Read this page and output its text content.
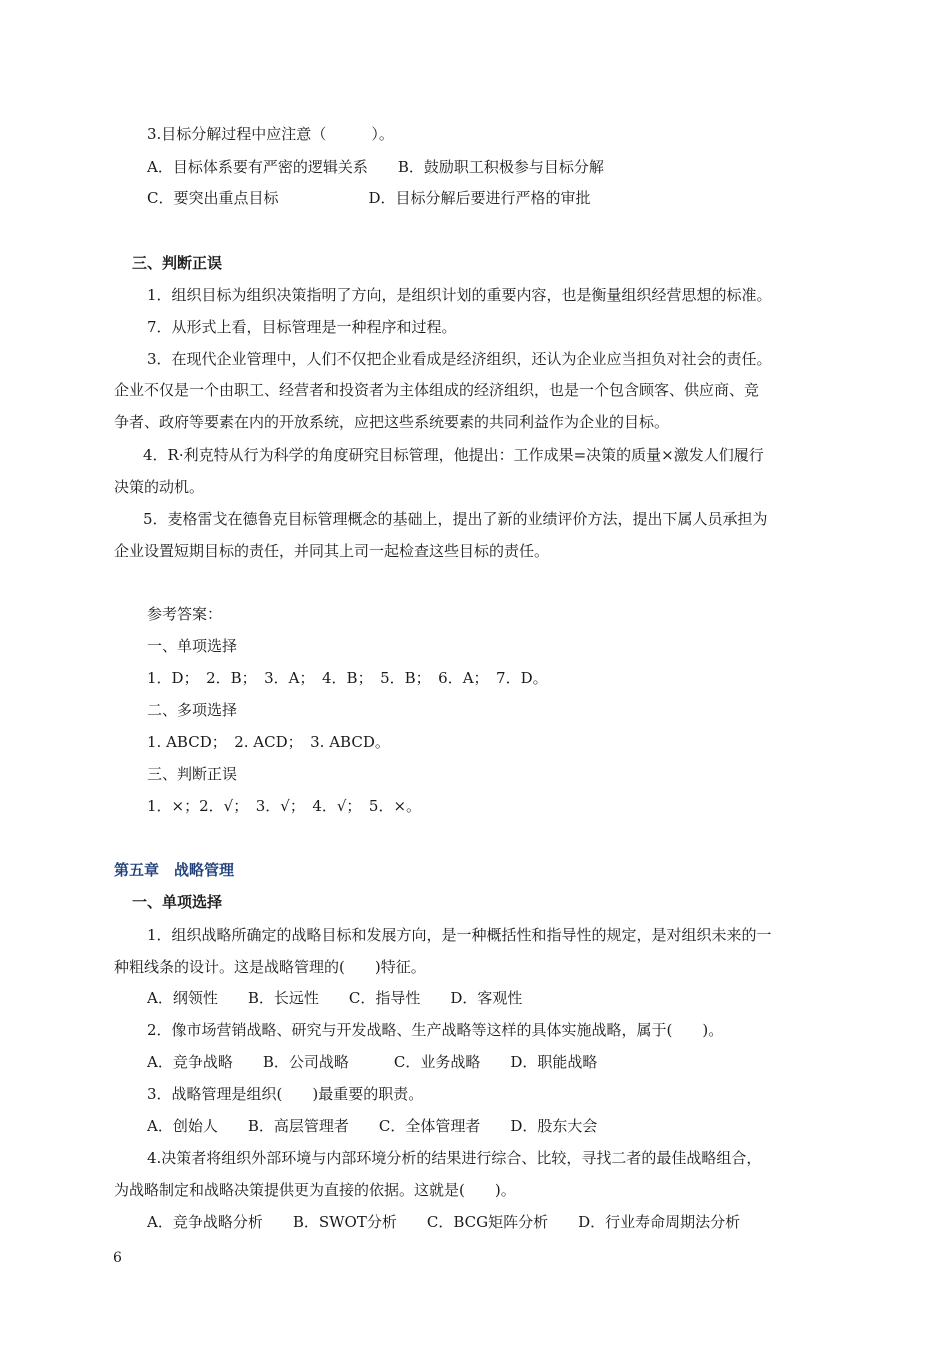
3.目标分解过程中应注意（　　　）。
A．目标体系要有严密的逻辑关系　　B．鼓励职工积极参与目标分解
C．要突出重点目标　　　　　　D．目标分解后要进行严格的审批
三、判断正误
1．组织目标为组织决策指明了方向，是组织计划的重要内容，也是衡量组织经营思想的标准。
7．从形式上看，目标管理是一种程序和过程。
3．在现代企业管理中，人们不仅把企业看成是经济组织，还认为企业应当担负对社会的责任。
企业不仅是一个由职工、经营者和投资者为主体组成的经济组织，也是一个包含顾客、供应商、竞
争者、政府等要素在内的开放系统，应把这些系统要素的共同利益作为企业的目标。
4．R·利克特从行为科学的角度研究目标管理，他提出：工作成果=决策的质量×激发人们履行
决策的动机。
5．麦格雷戈在德鲁克目标管理概念的基础上，提出了新的业绩评价方法，提出下属人员承担为
企业设置短期目标的责任，并同其上司一起检查这些目标的责任。
参考答案：
一、单项选择
1．D；　2．B；　3．A；　4．B；　5．B；　6．A；　7．D。
二、多项选择
1. ABCD；　2. ACD；　3. ABCD。
三、判断正误
1．×；2．√；　3．√；　4．√；　5．×。
第五章　战略管理
一、单项选择
1．组织战略所确定的战略目标和发展方向，是一种概括性和指导性的规定，是对组织未来的一
种粗线条的设计。这是战略管理的(　　)特征。
A．纲领性　　B．长远性　　C．指导性　　D．客观性
2．像市场营销战略、研究与开发战略、生产战略等这样的具体实施战略，属于(　　)。
A．竞争战略　　B．公司战略　　　C．业务战略　　D．职能战略
3．战略管理是组织(　　)最重要的职责。
A．创始人　　B．高层管理者　　C．全体管理者　　D．股东大会
4.决策者将组织外部环境与内部环境分析的结果进行综合、比较，寻找二者的最佳战略组合，
为战略制定和战略决策提供更为直接的依据。这就是(　　)。
A．竞争战略分析　　B．SWOT分析　　C．BCG矩阵分析　　D．行业寿命周期法分析
6
